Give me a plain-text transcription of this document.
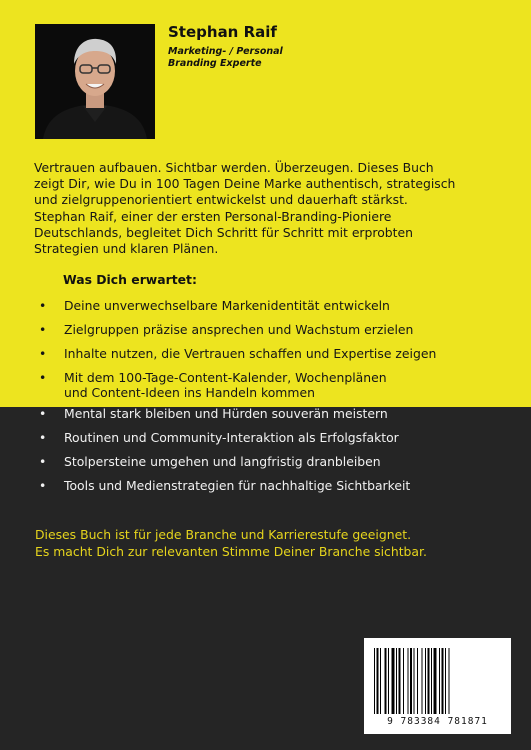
Stephan Raif
Marketing- / Personal
Branding Experte
Vertrauen aufbauen. Sichtbar werden. Überzeugen. Dieses Buch
zeigt Dir, wie Du in 100 Tagen Deine Marke authentisch, strategisch
und zielgruppenorientiert entwickelst und dauerhaft stärkst.
Stephan Raif, einer der ersten Personal-Branding-Pioniere
Deutschlands, begleitet Dich Schritt für Schritt mit erprobten
Strategien und klaren Plänen.
Was Dich erwartet:
• Deine unverwechselbare Markenidentität entwickeln
• Zielgruppen präzise ansprechen und Wachstum erzielen
• Inhalte nutzen, die Vertrauen schaffen und Expertise zeigen
• Mit dem 100-Tage-Content-Kalender, Wochenplänen
und Content-Ideen ins Handeln kommen
• Mental stark bleiben und Hürden souverän meistern
• Routinen und Community-Interaktion als Erfolgsfaktor
• Stolpersteine umgehen und langfristig dranbleiben
• Tools und Medienstrategien für nachhaltige Sichtbarkeit
Dieses Buch ist für jede Branche und Karrierestufe geeignet.
Es macht Dich zur relevanten Stimme Deiner Branche sichtbar.
9 783384 781871
